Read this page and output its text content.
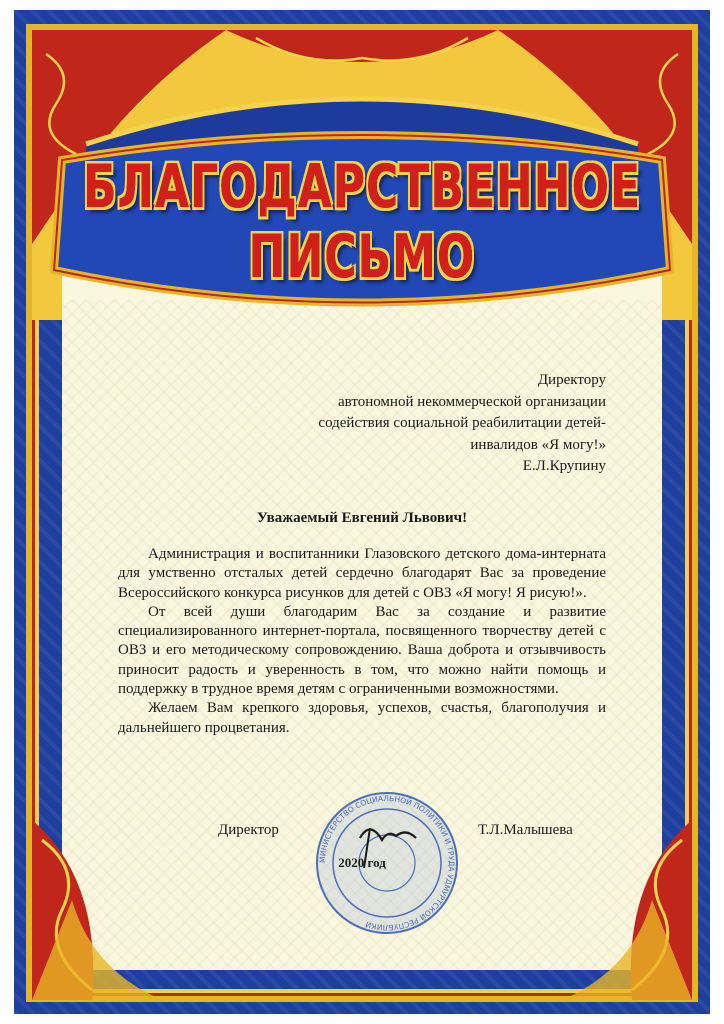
БЛАГОДАРСТВЕННОЕ
ПИСЬМО
Директору
автономной некоммерческой организации
содействия социальной реабилитации детей-
инвалидов «Я могу!»
Е.Л.Крупину
Уважаемый Евгений Львович!

Администрация и воспитанники Глазовского детского дома-интерната для умственно отсталых детей сердечно благодарят Вас за проведение Всероссийского конкурса рисунков для детей с ОВЗ «Я могу! Я рисую!».

От всей души благодарим Вас за создание и развитие специализированного интернет-портала, посвященного творчеству детей с ОВЗ и его методическому сопровождению. Ваша доброта и отзывчивость приносит радость и уверенность в том, что можно найти помощь и поддержку в трудное время детям с ограниченными возможностями.

Желаем Вам крепкого здоровья, успехов, счастья, благополучия и дальнейшего процветания.

МИНИСТЕРСТВО СОЦИАЛЬНОЙ ПОЛИТИКИ И ТРУДА УДМУРТСКОЙ РЕСПУБЛИКИ
Директор	Т.Л.Малышева
2020 год
